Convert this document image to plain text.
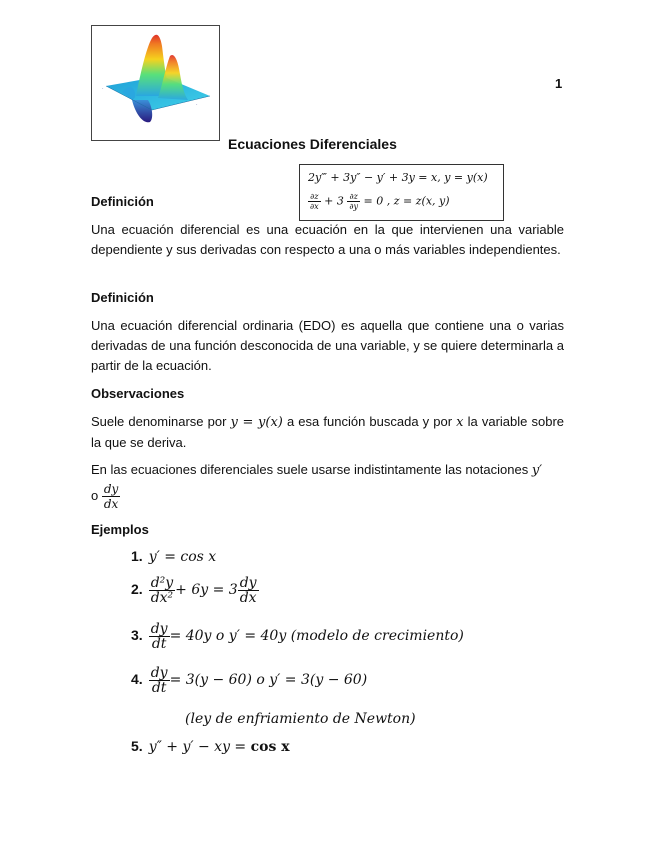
·
·
1
Ecuaciones Diferenciales
2y‴ + 3y″ − y′ + 3y = x, y = y(x)
$\frac{\partial z}{\partial x} + 3 \frac{\partial z}{\partial y} = 0$ , z = z(x, y)
Definición
Una ecuación diferencial es una ecuación en la que intervienen una variable dependiente y sus derivadas con respecto a una o más variables independientes.
Definición
Una ecuación diferencial ordinaria (EDO) es aquella que contiene una o varias derivadas de una función desconocida de una variable, y se quiere determinarla a partir de la ecuación.
Observaciones
Suele denominarse por y = y(x) a esa función buscada y por x la variable sobre la que se deriva.
En las ecuaciones diferenciales suele usarse indistintamente las notaciones y′
o $\frac{dy}{dx}$
Ejemplos
1. y′ = cos x
2. $\frac{\text{d²y}}{\text{dx²}} + 6y = 3 \frac{dy}{dx}$
3. $\frac{dy}{dt} = 40y$ o y′ = 40y (modelo de crecimiento)
4. $\frac{dy}{dt} = 3(y - 60)$ o y′ = 3(y − 60)
(ley de enfriamiento de Newton)
5. y″ + y′ − xy = cos x
